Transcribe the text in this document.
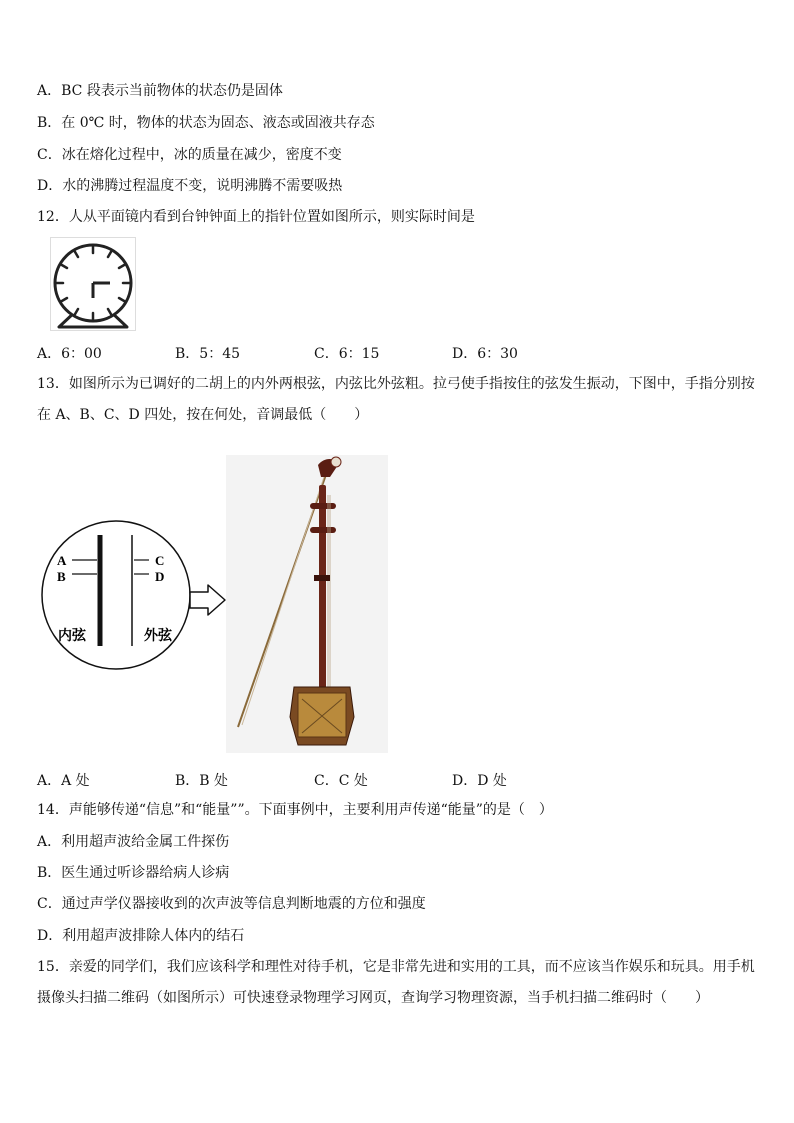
A．BC 段表示当前物体的状态仍是固体
B．在 0℃ 时，物体的状态为固态、液态或固液共存态
C．冰在熔化过程中，冰的质量在减少，密度不变
D．水的沸腾过程温度不变，说明沸腾不需要吸热
12．人从平面镜内看到台钟钟面上的指针位置如图所示，则实际时间是
A．6：00	B．5：45	C．6：15	D．6：30
13．如图所示为已调好的二胡上的内外两根弦，内弦比外弦粗。拉弓使手指按住的弦发生振动，下图中，手指分别按
在 A、B、C、D 四处，按在何处，音调最低（　　）
A
B
C
D
内弦	外弦
A．A 处	B．B 处	C．C 处	D．D 处
14．声能够传递“信息”和“能量””。下面事例中，主要利用声传递“能量”的是（　）
A．利用超声波给金属工件探伤
B．医生通过听诊器给病人诊病
C．通过声学仪器接收到的次声波等信息判断地震的方位和强度
D．利用超声波排除人体内的结石
15．亲爱的同学们，我们应该科学和理性对待手机，它是非常先进和实用的工具，而不应该当作娱乐和玩具。用手机
摄像头扫描二维码（如图所示）可快速登录物理学习网页，查询学习物理资源，当手机扫描二维码时（　　）
